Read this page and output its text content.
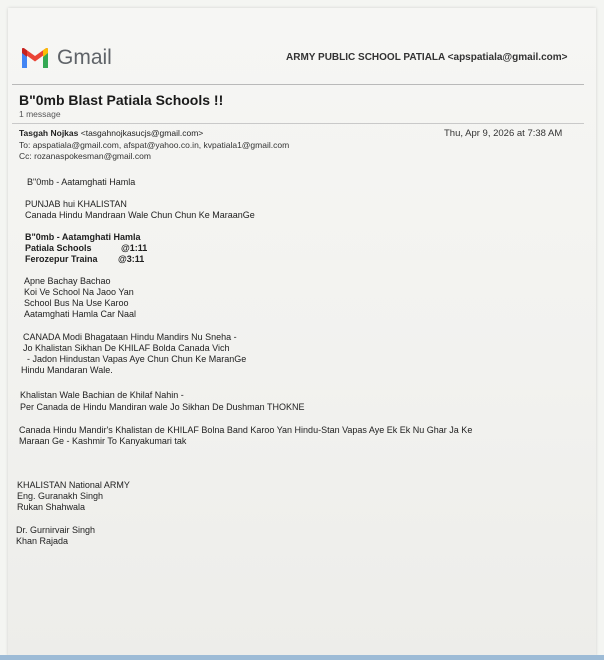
Gmail	ARMY PUBLIC SCHOOL PATIALA <apspatiala@gmail.com>
B"0mb Blast Patiala Schools !!
1 message
Tasgah Nojkas <tasgahnojkasucjs@gmail.com>	Thu, Apr 9, 2026 at 7:38 AM
To: apspatiala@gmail.com, afspat@yahoo.co.in, kvpatiala1@gmail.com
Cc: rozanaspokesman@gmail.com
B"0mb - Aatamghati Hamla
PUNJAB hui KHALISTAN
Canada Hindu Mandraan Wale Chun Chun Ke MaraanGe
B"0mb - Aatamghati Hamla
Patiala Schools	@1:11
Ferozepur Traina @3:11
Apne Bachay Bachao
Koi Ve School Na Jaoo Yan
School Bus Na Use Karoo
Aatamghati Hamla Car Naal
CANADA Modi Bhagataan Hindu Mandirs Nu Sneha -
Jo Khalistan Sikhan De KHILAF Bolda Canada Vich
- Jadon Hindustan Vapas Aye Chun Chun Ke MaranGe
Hindu Mandaran Wale.
Khalistan Wale Bachian de Khilaf Nahin -
Per Canada de Hindu Mandiran wale Jo Sikhan De Dushman THOKNE
Canada Hindu Mandir's Khalistan de KHILAF Bolna Band Karoo Yan Hindu-Stan Vapas Aye Ek Ek Nu Ghar Ja Ke
Maraan Ge - Kashmir To Kanyakumari tak
KHALISTAN National ARMY
Eng. Guranakh Singh
Rukan Shahwala
Dr. Gurnirvair Singh
Khan Rajada
